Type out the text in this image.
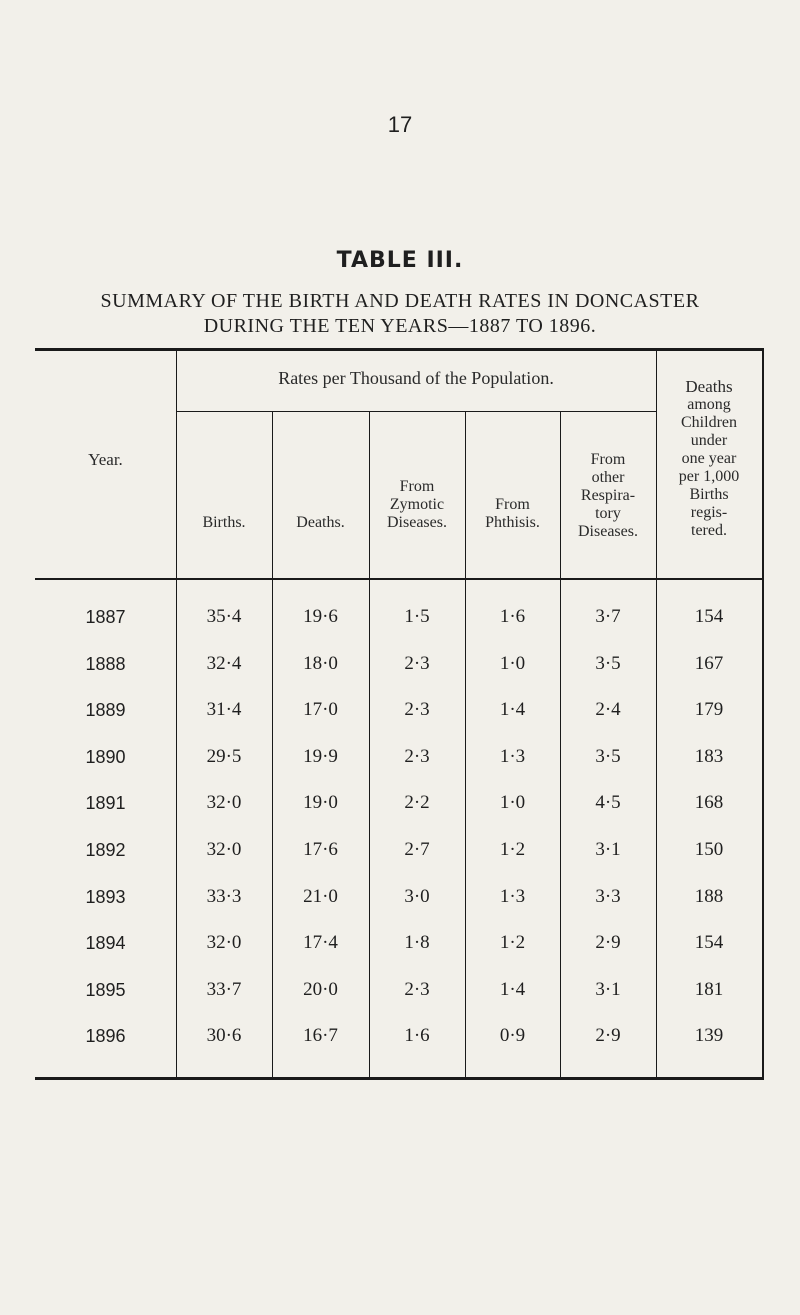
17
TABLE III.
SUMMARY OF THE BIRTH AND DEATH RATES IN DONCASTER
DURING THE TEN YEARS—1887 TO 1896.
Rates per Thousand of the Population.
Year.
Births.	Deaths.
From
Zymotic
Diseases.
From
Phthisis.
From
other
Respira-
tory
Diseases.
Deaths
among
Children
under
one year
per 1,000
Births
regis-
tered.
1887	35·4	19·6	1·5	1·6	3·7	154
1888	32·4	18·0	2·3	1·0	3·5	167
1889	31·4	17·0	2·3	1·4	2·4	179
1890	29·5	19·9	2·3	1·3	3·5	183
1891	32·0	19·0	2·2	1·0	4·5	168
1892	32·0	17·6	2·7	1·2	3·1	150
1893	33·3	21·0	3·0	1·3	3·3	188
1894	32·0	17·4	1·8	1·2	2·9	154
1895	33·7	20·0	2·3	1·4	3·1	181
1896	30·6	16·7	1·6	0·9	2·9	139
